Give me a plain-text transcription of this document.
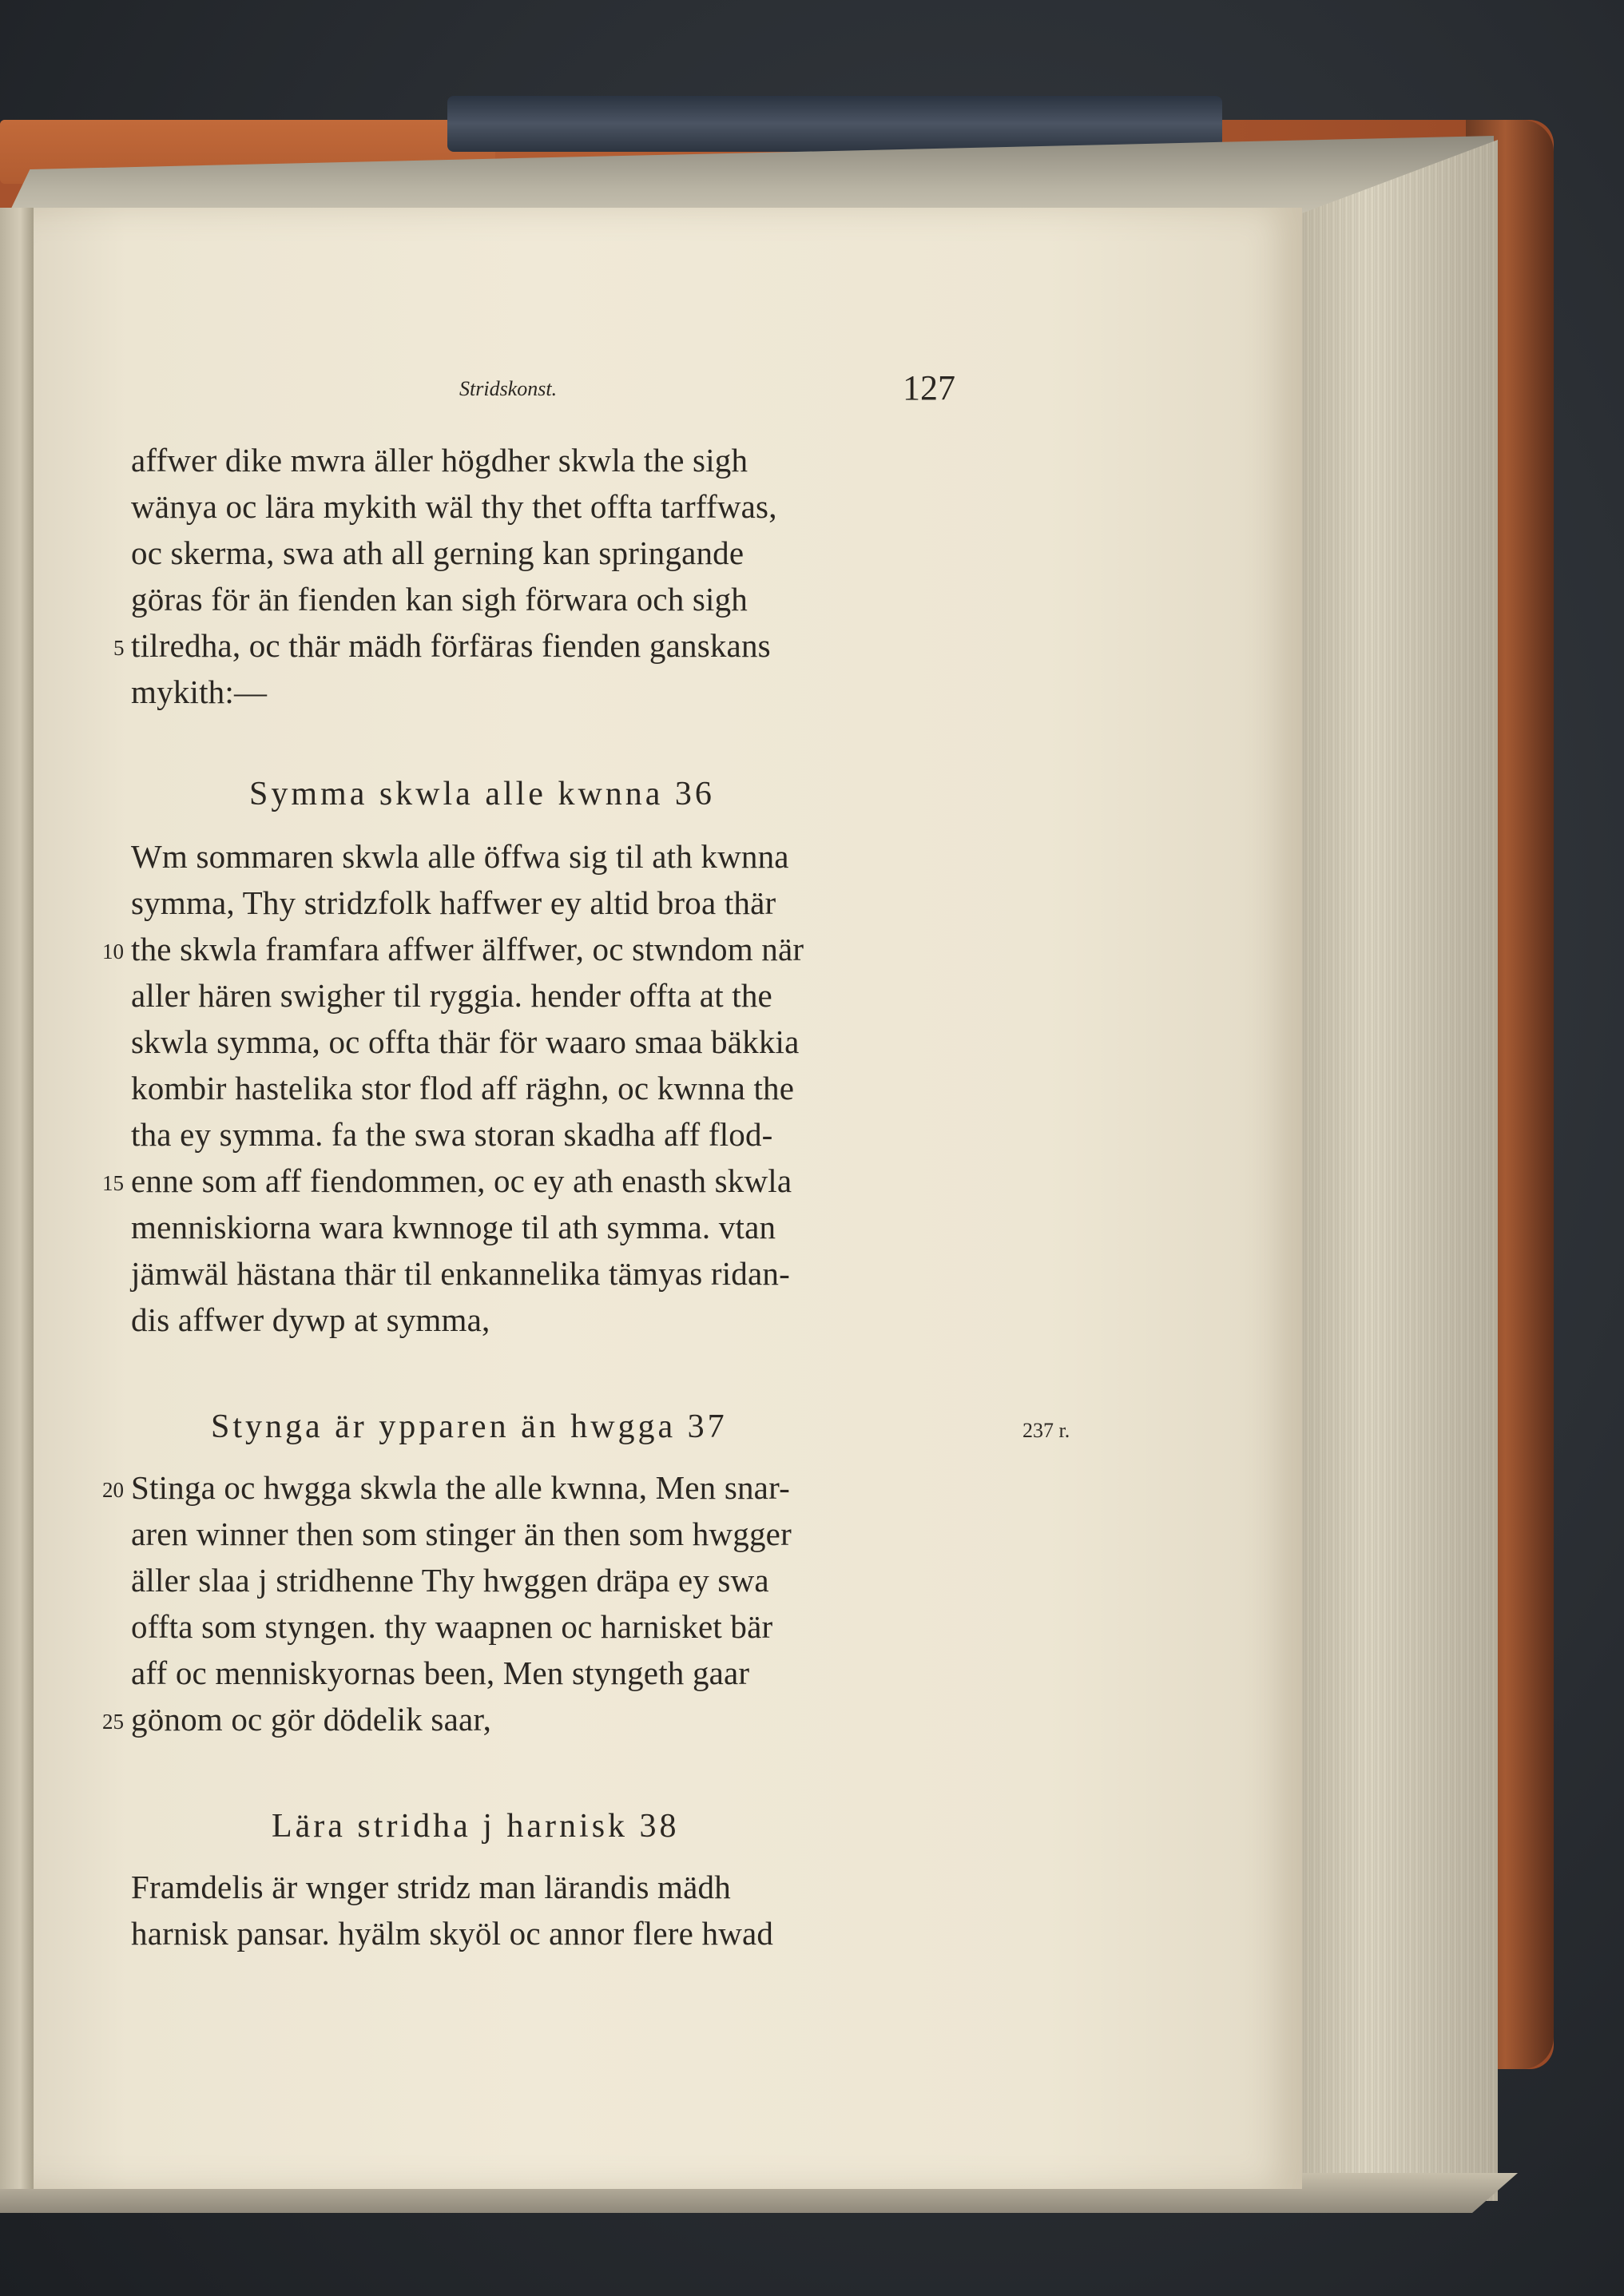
Stridskonst.	127
affwer dike mwra äller högdher skwla the sigh
wänya oc lära mykith wäl thy thet offta tarffwas,
oc skerma, swa ath all gerning kan springande
göras för än fienden kan sigh förwara och sigh
5 tilredha, oc thär mädh förfäras fienden ganskans
mykith:—
Symma skwla alle kwnna 36
Wm sommaren skwla alle öffwa sig til ath kwnna
symma, Thy stridzfolk haffwer ey altid broa thär
10 the skwla framfara affwer älffwer, oc stwndom när
aller hären swigher til ryggia. hender offta at the
skwla symma, oc offta thär för waaro smaa bäkkia
kombir hastelika stor flod aff räghn, oc kwnna the
tha ey symma. fa the swa storan skadha aff flod-
15 enne som aff fiendommen, oc ey ath enasth skwla
menniskiorna wara kwnnoge til ath symma. vtan
jämwäl hästana thär til enkannelika tämyas ridan-
dis affwer dywp at symma,
Stynga är ypparen än hwgga 37	237 r.
20 Stinga oc hwgga skwla the alle kwnna, Men snar-
aren winner then som stinger än then som hwgger
äller slaa j stridhenne Thy hwggen dräpa ey swa
offta som styngen. thy waapnen oc harnisket bär
aff oc menniskyornas been, Men styngeth gaar
25 gönom oc gör dödelik saar,
Lära stridha j harnisk 38
Framdelis är wnger stridz man lärandis mädh
harnisk pansar. hyälm skyöl oc annor flere hwad
